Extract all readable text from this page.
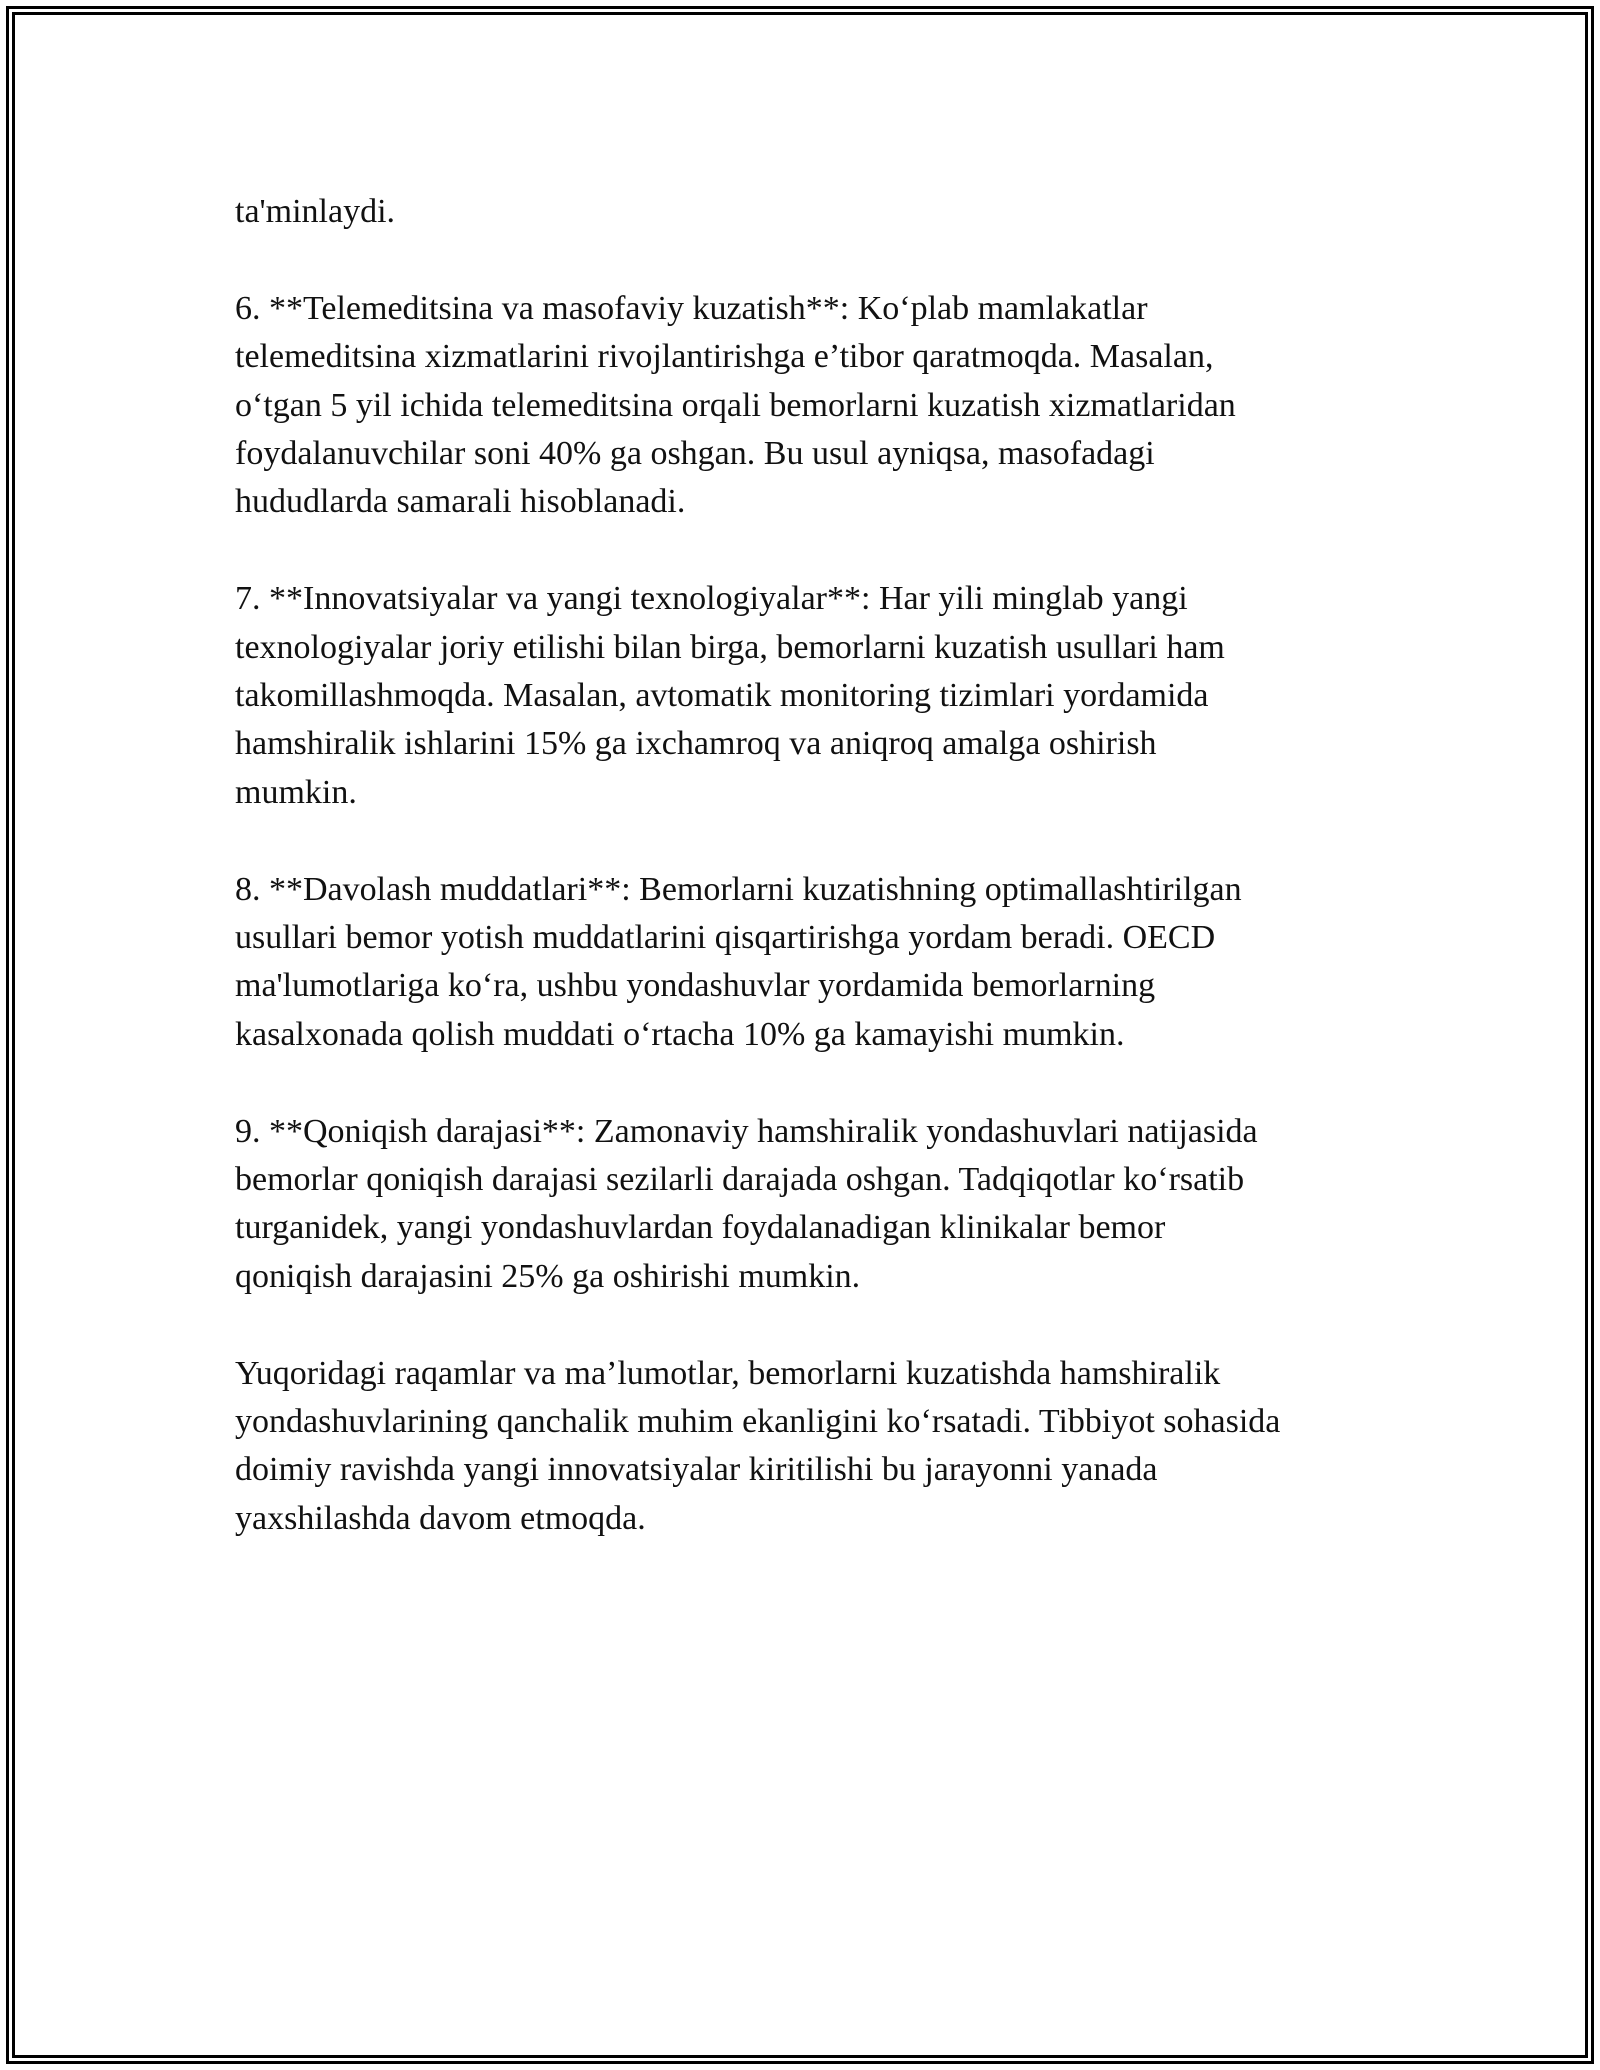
ta'minlaydi.

6. **Telemeditsina va masofaviy kuzatish**: Ko‘plab mamlakatlar
telemeditsina xizmatlarini rivojlantirishga e’tibor qaratmoqda. Masalan,
o‘tgan 5 yil ichida telemeditsina orqali bemorlarni kuzatish xizmatlaridan
foydalanuvchilar soni 40% ga oshgan. Bu usul ayniqsa, masofadagi
hududlarda samarali hisoblanadi.

7. **Innovatsiyalar va yangi texnologiyalar**: Har yili minglab yangi
texnologiyalar joriy etilishi bilan birga, bemorlarni kuzatish usullari ham
takomillashmoqda. Masalan, avtomatik monitoring tizimlari yordamida
hamshiralik ishlarini 15% ga ixchamroq va aniqroq amalga oshirish
mumkin.

8. **Davolash muddatlari**: Bemorlarni kuzatishning optimallashtirilgan
usullari bemor yotish muddatlarini qisqartirishga yordam beradi. OECD
ma'lumotlariga ko‘ra, ushbu yondashuvlar yordamida bemorlarning
kasalxonada qolish muddati o‘rtacha 10% ga kamayishi mumkin.

9. **Qoniqish darajasi**: Zamonaviy hamshiralik yondashuvlari natijasida
bemorlar qoniqish darajasi sezilarli darajada oshgan. Tadqiqotlar ko‘rsatib
turganidek, yangi yondashuvlardan foydalanadigan klinikalar bemor
qoniqish darajasini 25% ga oshirishi mumkin.

Yuqoridagi raqamlar va ma’lumotlar, bemorlarni kuzatishda hamshiralik
yondashuvlarining qanchalik muhim ekanligini ko‘rsatadi. Tibbiyot sohasida
doimiy ravishda yangi innovatsiyalar kiritilishi bu jarayonni yanada
yaxshilashda davom etmoqda.
